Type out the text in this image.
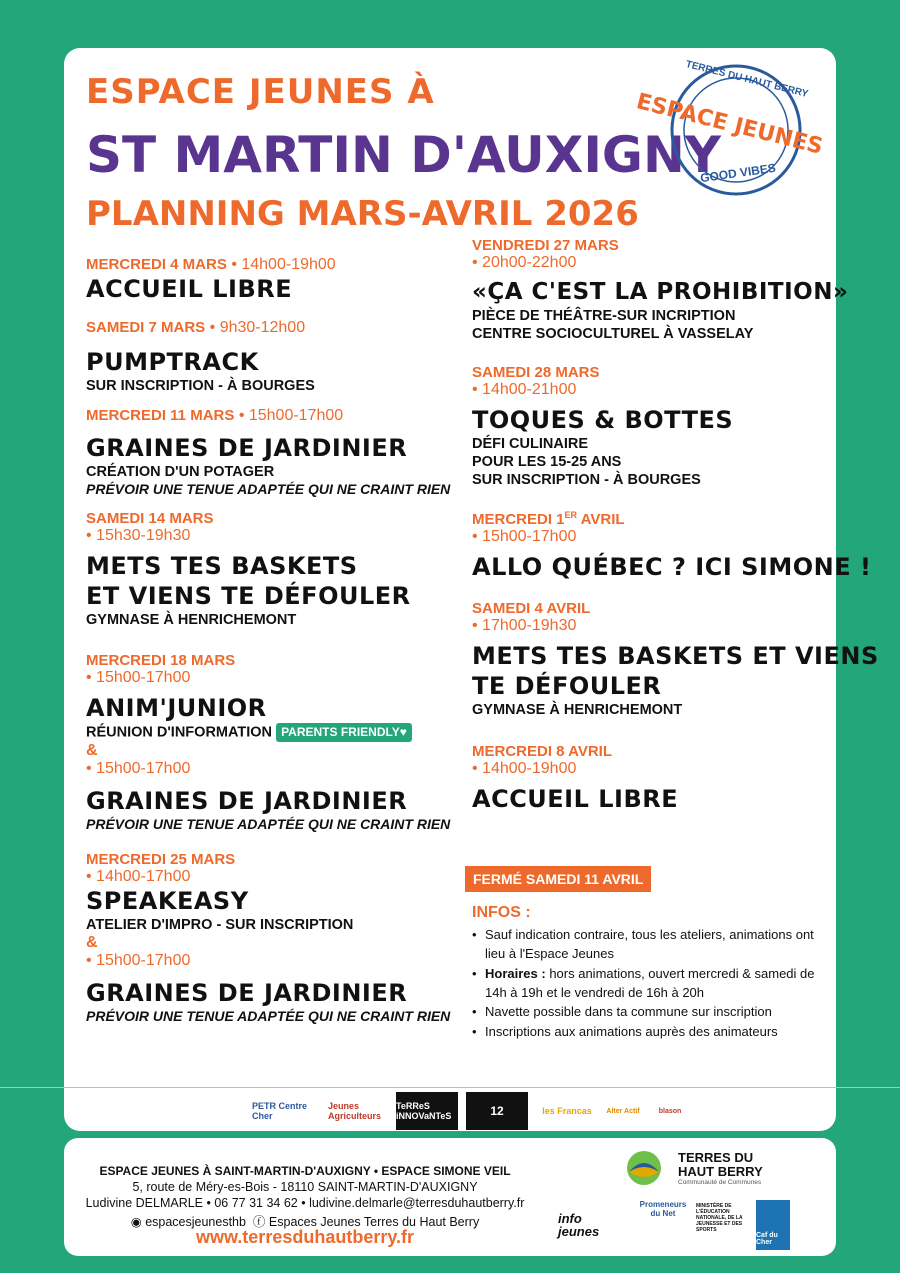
ESPACE JEUNES À
ST MARTIN D'AUXIGNY
PLANNING MARS-AVRIL 2026
TERRES DU HAUT BERRY
ESPACE JEUNES
GOOD VIBES
MERCREDI 4 MARS • 14h00-19h00
ACCUEIL LIBRE
SAMEDI 7 MARS • 9h30-12h00
PUMPTRACK
SUR INSCRIPTION - À BOURGES
MERCREDI 11 MARS • 15h00-17h00
GRAINES DE JARDINIER
CRÉATION D'UN POTAGER
PRÉVOIR UNE TENUE ADAPTÉE QUI NE CRAINT RIEN
SAMEDI 14 MARS
• 15h30-19h30
METS TES BASKETS
ET VIENS TE DÉFOULER
GYMNASE À HENRICHEMONT
MERCREDI 18 MARS
• 15h00-17h00
ANIM'JUNIOR
RÉUNION D'INFORMATION PARENTS FRIENDLY♥
&
• 15h00-17h00
GRAINES DE JARDINIER
PRÉVOIR UNE TENUE ADAPTÉE QUI NE CRAINT RIEN
MERCREDI 25 MARS
• 14h00-17h00
SPEAKEASY
ATELIER D'IMPRO - SUR INSCRIPTION
&
• 15h00-17h00
GRAINES DE JARDINIER
PRÉVOIR UNE TENUE ADAPTÉE QUI NE CRAINT RIEN
VENDREDI 27 MARS
• 20h00-22h00
«ÇA C'EST LA PROHIBITION»
PIÈCE DE THÉÂTRE-SUR INCRIPTION
CENTRE SOCIOCULTUREL À VASSELAY
SAMEDI 28 MARS
• 14h00-21h00
TOQUES & BOTTES
DÉFI CULINAIRE
POUR LES 15-25 ANS
SUR INSCRIPTION - À BOURGES
MERCREDI 1ER AVRIL
• 15h00-17h00
ALLO QUÉBEC ? ICI SIMONE !
SAMEDI 4 AVRIL
• 17h00-19h30
METS TES BASKETS ET VIENS
TE DÉFOULER
GYMNASE À HENRICHEMONT
MERCREDI 8 AVRIL
• 14h00-19h00
ACCUEIL LIBRE
FERMÉ SAMEDI 11 AVRIL
INFOS :
• Sauf indication contraire, tous les ateliers, animations ont lieu à l'Espace Jeunes
• Horaires : hors animations, ouvert mercredi & samedi de 14h à 19h et le vendredi de 16h à 20h
• Navette possible dans ta commune sur inscription
• Inscriptions aux animations auprès des animateurs
PETR Centre Cher
Jeunes Agriculteurs
TeRReS iNNOVaNTeS	12	les Francas	Alter Actif	blason
ESPACE JEUNES À SAINT-MARTIN-D'AUXIGNY • ESPACE SIMONE VEIL
5, route de Méry-es-Bois - 18110 SAINT-MARTIN-D'AUXIGNY
Ludivine DELMARLE • 06 77 31 34 62 • ludivine.delmarle@terresduhautberry.fr
◉ espacesjeunesthb ⓕ Espaces Jeunes Terres du Haut Berry
www.terresduhautberry.fr
TERRES DU
HAUT BERRY
Communauté de Communes
info jeunes
Promeneurs du Net
MINISTÈRE DE L'ÉDUCATION NATIONALE, DE LA JEUNESSE ET DES SPORTS
Caf du Cher
